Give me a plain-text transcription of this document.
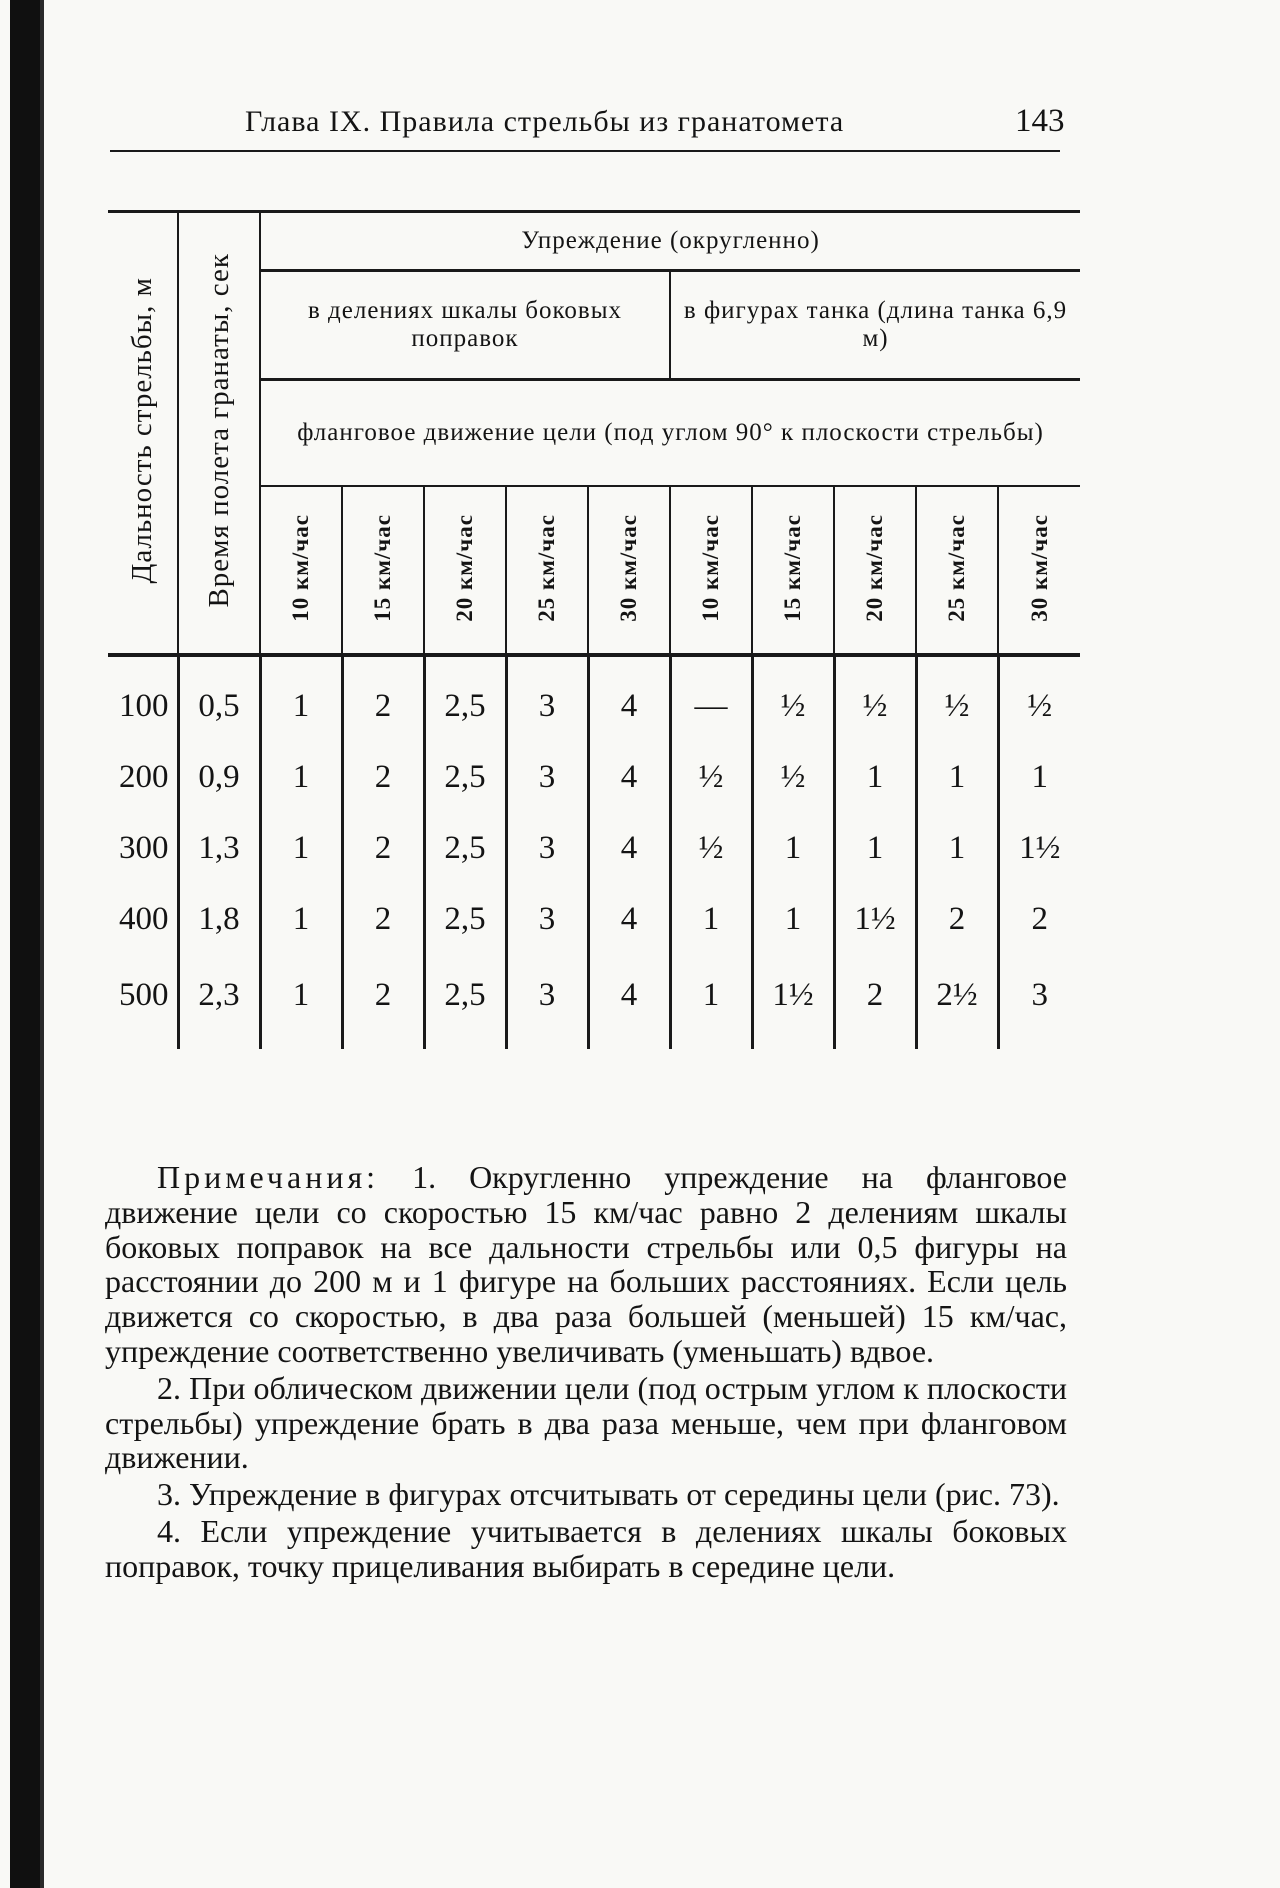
Глава IX. Правила стрельбы из гранатомета	143
Дальность стрельбы, м	Время полета гранаты, сек	Упреждение (округленно)									
		в делениях шкалы боковых поправок					в фигурах танка (длина танка 6,9 м)				
		фланговое движение цели (под углом 90° к плоскости стрельбы)									
		10 км/час	15 км/час	20 км/час	25 км/час	30 км/час	10 км/час	15 км/час	20 км/час	25 км/час	30 км/час
100	0,5	1	2	2,5	3	4	—	½	½	½	½
200	0,9	1	2	2,5	3	4	½	½	1	1	1
300	1,3	1	2	2,5	3	4	½	1	1	1	1½
400	1,8	1	2	2,5	3	4	1	1	1½	2	2
500	2,3	1	2	2,5	3	4	1	1½	2	2½	3

Примечания: 1. Округленно упреждение на фланговое движение цели со скоростью 15 км/час равно 2 делениям шкалы боковых поправок на все дальности стрельбы или 0,5 фигуры на расстоянии до 200 м и 1 фигуре на больших расстояниях. Если цель движется со скоростью, в два раза большей (меньшей) 15 км/час, упреждение соответственно увеличивать (уменьшать) вдвое.

2. При облическом движении цели (под острым углом к плоскости стрельбы) упреждение брать в два раза меньше, чем при фланговом движении.

3. Упреждение в фигурах отсчитывать от середины цели (рис. 73).

4. Если упреждение учитывается в делениях шкалы боковых поправок, точку прицеливания выбирать в середине цели.
